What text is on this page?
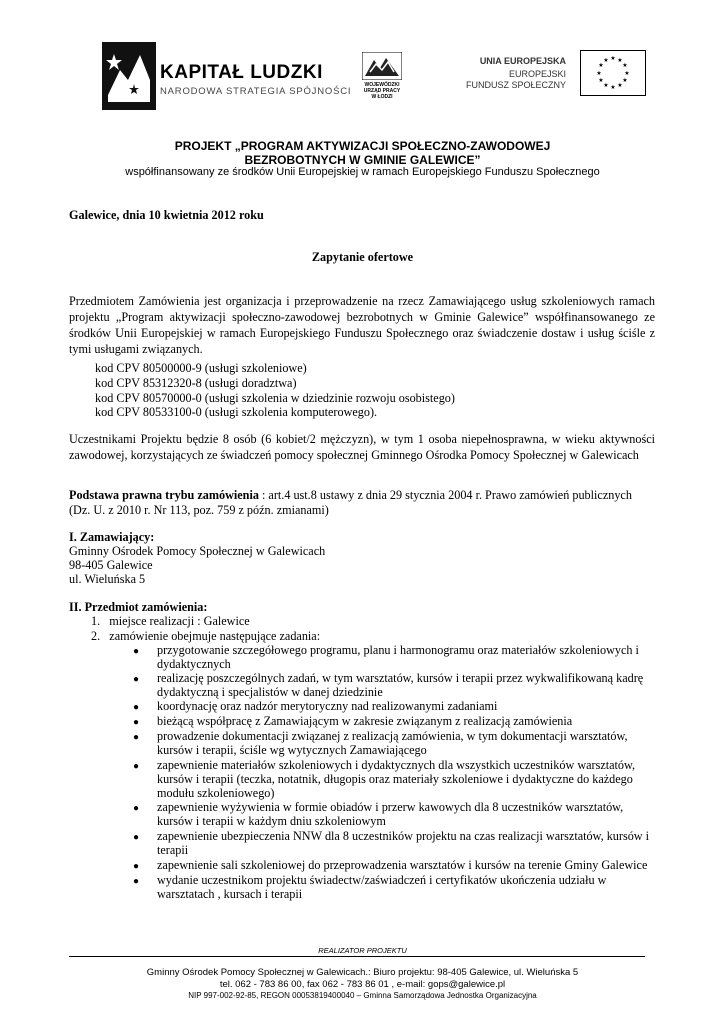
KAPITAŁ LUDZKI
NARODOWA STRATEGIA SPÓJNOŚCI
WOJEWÓDZKI
URZĄD PRACY
W ŁODZI
UNIA EUROPEJSKA
EUROPEJSKI
FUNDUSZ SPOŁECZNY
★ ★
★
★
★
★
★
★
★
★
★
★
PROJEKT „PROGRAM AKTYWIZACJI SPOŁECZNO-ZAWODOWEJ
BEZROBOTNYCH W GMINIE GALEWICE”
współfinansowany ze środków Unii Europejskiej w ramach Europejskiego Funduszu Społecznego
Galewice, dnia 10 kwietnia 2012 roku
Zapytanie ofertowe
Przedmiotem Zamówienia jest organizacja i przeprowadzenie na rzecz Zamawiającego usług szkoleniowych ramach projektu „Program aktywizacji społeczno-zawodowej bezrobotnych w Gminie Galewice” współfinansowanego ze środków Unii Europejskiej w ramach Europejskiego Funduszu Społecznego oraz świadczenie dostaw i usług ściśle z tymi usługami związanych.
kod CPV 80500000-9 (usługi szkoleniowe)
kod CPV 85312320-8 (usługi doradztwa)
kod CPV 80570000-0 (usługi szkolenia w dziedzinie rozwoju osobistego)
kod CPV 80533100-0 (usługi szkolenia komputerowego).
Uczestnikami Projektu będzie 8 osób (6 kobiet/2 mężczyzn), w tym 1 osoba niepełnosprawna, w wieku aktywności zawodowej, korzystających ze świadczeń pomocy społecznej Gminnego Ośrodka Pomocy Społecznej w Galewicach
Podstawa prawna trybu zamówienia : art.4 ust.8 ustawy z dnia 29 stycznia 2004 r. Prawo zamówień publicznych
(Dz. U. z 2010 r. Nr 113, poz. 759 z późn. zmianami)
I. Zamawiający:
Gminny Ośrodek Pomocy Społecznej w Galewicach
98-405 Galewice
ul. Wieluńska 5
II. Przedmiot zamówienia:
1.   miejsce realizacji : Galewice
2.   zamówienie obejmuje następujące zadania:
● przygotowanie szczegółowego programu, planu i harmonogramu oraz materiałów szkoleniowych i
dydaktycznych
● realizację poszczególnych zadań, w tym warsztatów, kursów i terapii przez wykwalifikowaną kadrę
dydaktyczną i specjalistów w danej dziedzinie
● koordynację oraz nadzór merytoryczny nad realizowanymi zadaniami
● bieżącą współpracę z Zamawiającym w zakresie związanym z realizacją zamówienia
● prowadzenie dokumentacji związanej z realizacją zamówienia, w tym dokumentacji warsztatów,
kursów i terapii, ściśle wg wytycznych Zamawiającego
● zapewnienie materiałów szkoleniowych i dydaktycznych dla wszystkich uczestników warsztatów,
kursów i terapii (teczka, notatnik, długopis oraz materiały szkoleniowe i dydaktyczne do każdego
modułu szkoleniowego)
● zapewnienie wyżywienia w formie obiadów i przerw kawowych dla 8 uczestników warsztatów,
kursów i terapii w każdym dniu szkoleniowym
● zapewnienie ubezpieczenia NNW dla 8 uczestników projektu na czas realizacji warsztatów, kursów i
terapii
● zapewnienie sali szkoleniowej do przeprowadzenia warsztatów i kursów na terenie Gminy Galewice
● wydanie uczestnikom projektu świadectw/zaświadczeń i certyfikatów ukończenia udziału w
warsztatach , kursach i terapii
REALIZATOR PROJEKTU
Gminny Ośrodek Pomocy Społecznej w Galewicach.: Biuro projektu: 98-405 Galewice, ul. Wieluńska 5
tel. 062 - 783 86 00, fax 062 - 783 86 01 , e-mail: gops@galewice.pl
NIP 997-002-92-85, REGON 00053819400040 – Gminna Samorządowa Jednostka Organizacyjna
